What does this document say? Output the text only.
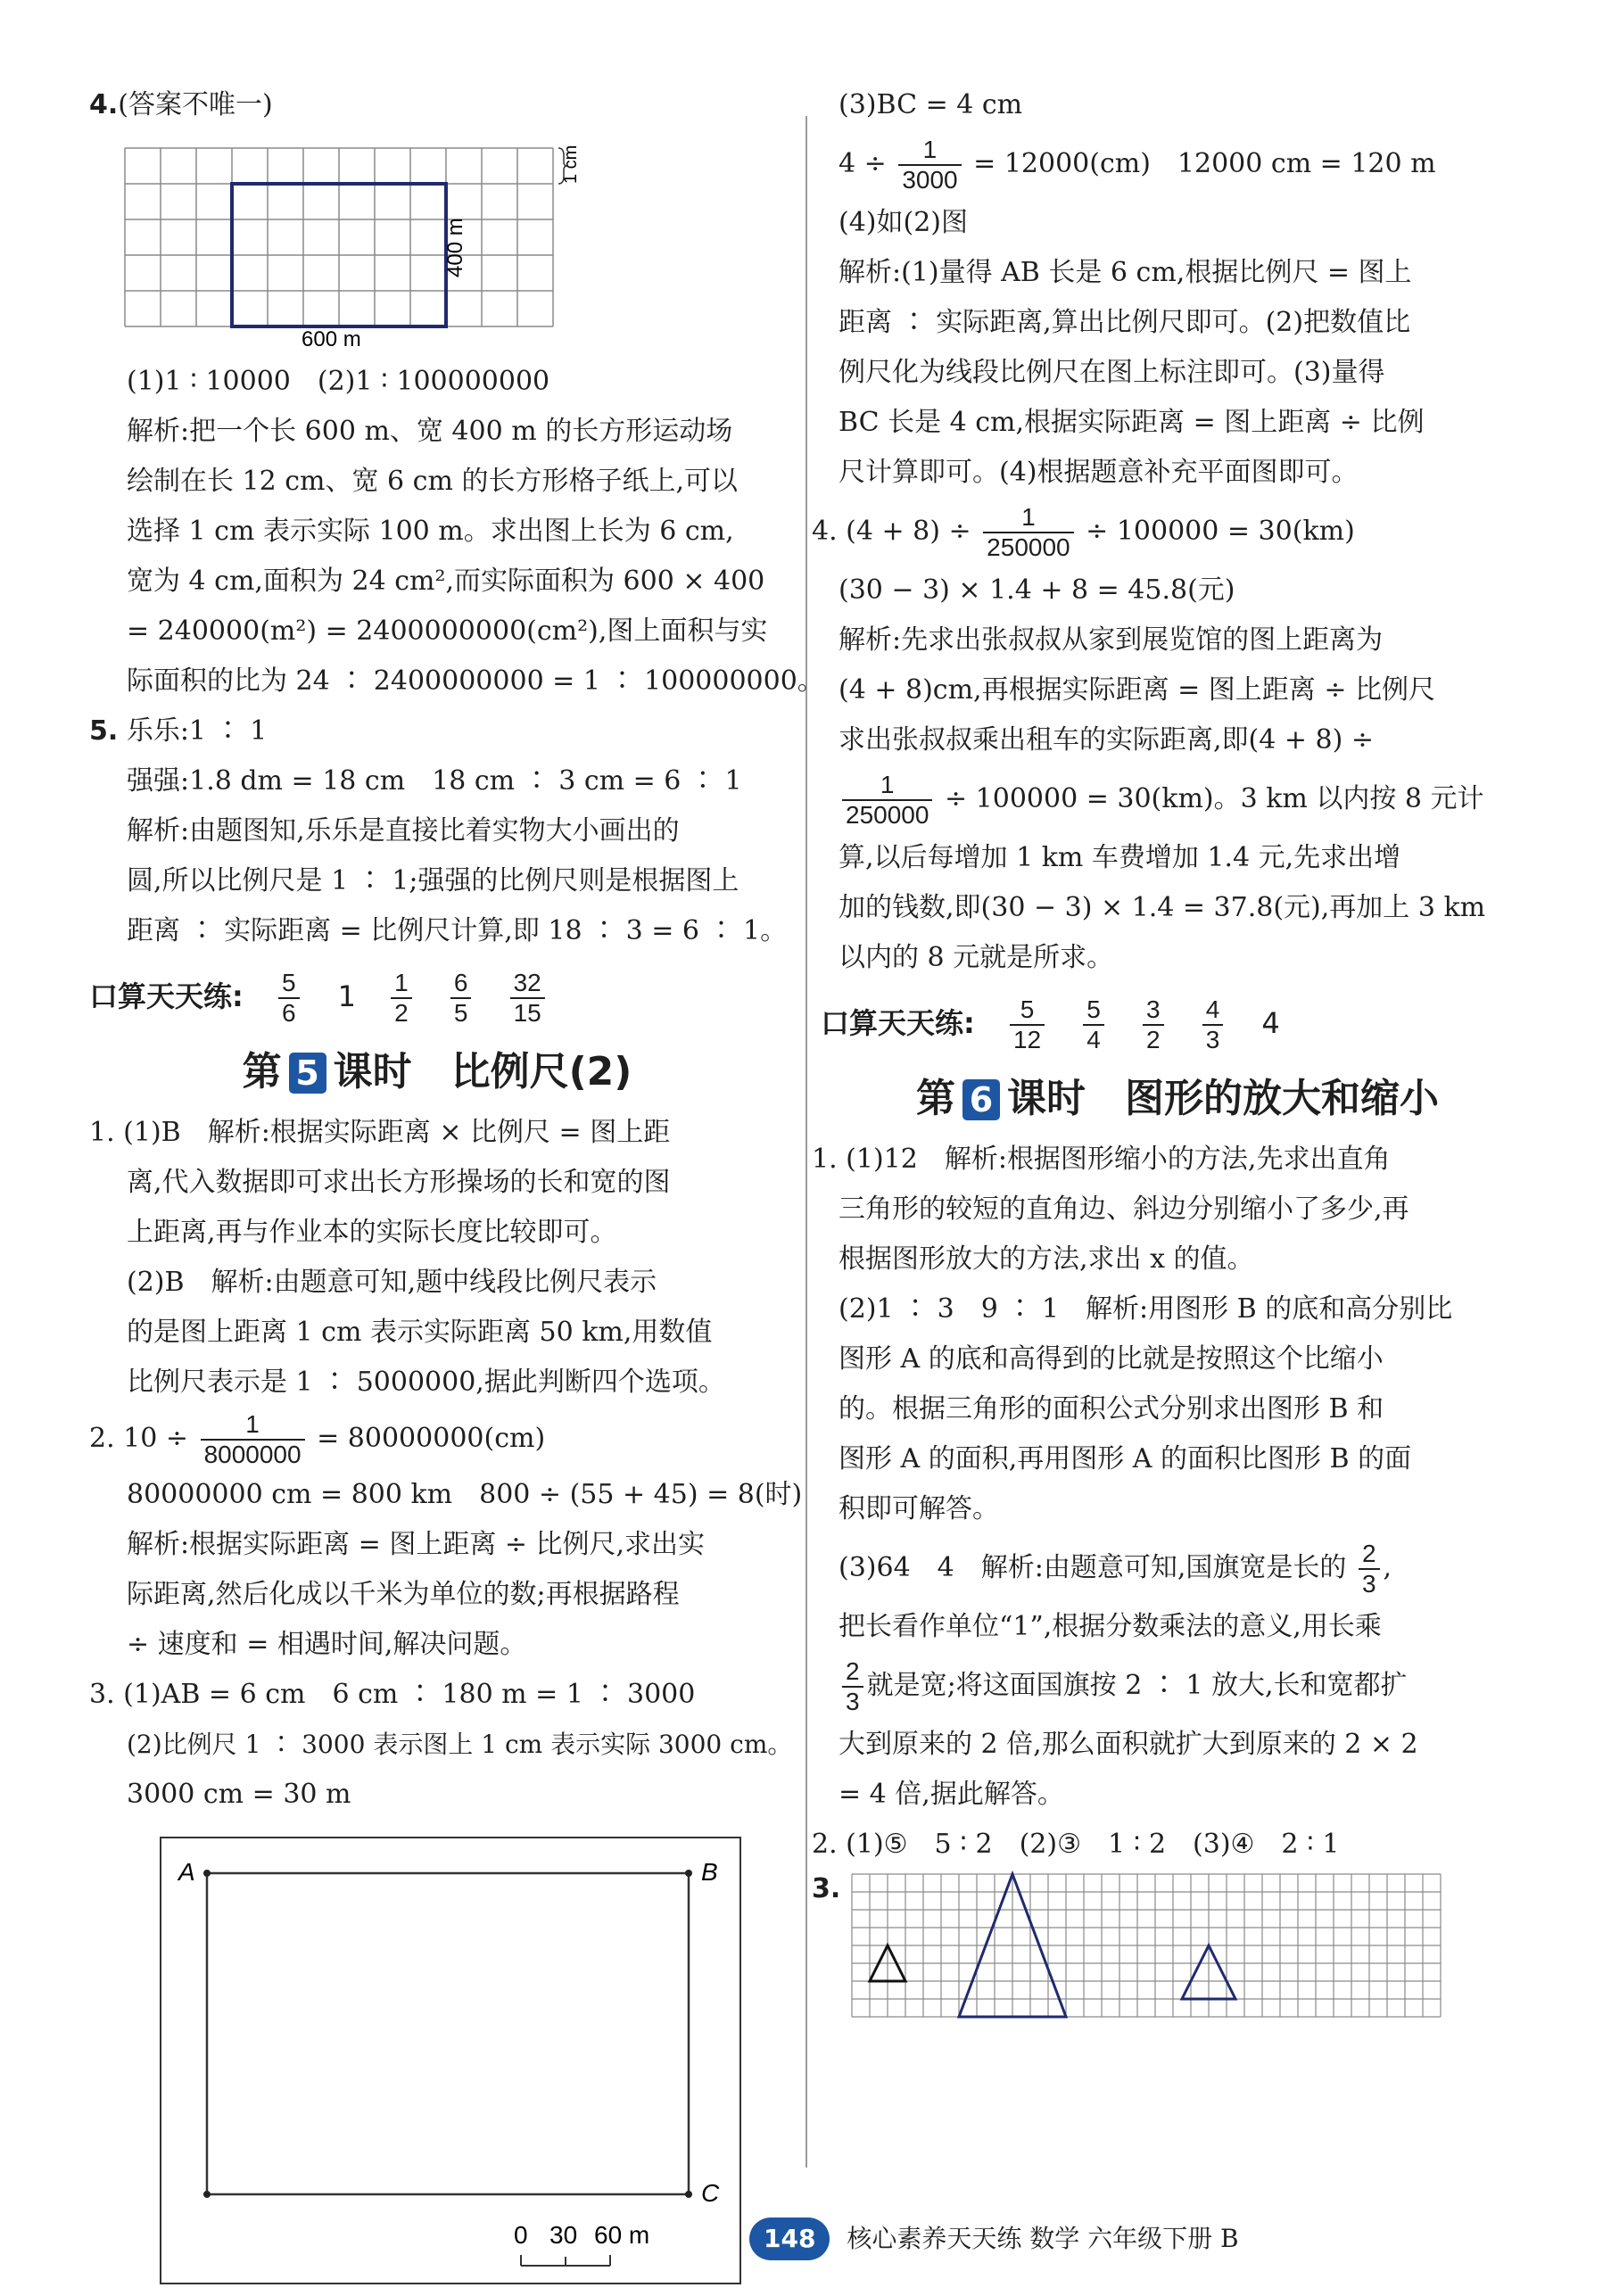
4.(答案不唯一)
600 m
400 m
1 cm
(1)1 ∶ 10000　(2)1 ∶ 100000000
解析:把一个长 600 m、宽 400 m 的长方形运动场
绘制在长 12 cm、宽 6 cm 的长方形格子纸上,可以
选择 1 cm 表示实际 100 m。求出图上长为 6 cm,
宽为 4 cm,面积为 24 cm²,而实际面积为 600 × 400
= 240000(m²) = 2400000000(cm²),图上面积与实
际面积的比为 24 ∶ 2400000000 = 1 ∶ 100000000。
5. 乐乐:1 ∶ 1
强强:1.8 dm = 18 cm　18 cm ∶ 3 cm = 6 ∶ 1
解析:由题图知,乐乐是直接比着实物大小画出的
圆,所以比例尺是 1 ∶ 1;强强的比例尺则是根据图上
距离 ∶ 实际距离 = 比例尺计算,即 18 ∶ 3 = 6 ∶ 1。
口算天天练: $\frac{5}{6} 1 \frac{1}{2}$
$\frac{6}{5}$
$\frac{32}{15}$
第 5 课时　比例尺(2)
1. (1)B　解析:根据实际距离 × 比例尺 = 图上距
离,代入数据即可求出长方形操场的长和宽的图
上距离,再与作业本的实际长度比较即可。
(2)B　解析:由题意可知,题中线段比例尺表示
的是图上距离 1 cm 表示实际距离 50 km,用数值
比例尺表示是 1 ∶ 5000000,据此判断四个选项。
2. $10 \div \frac{1}{8000000} = 80000000(cm)$
80000000 cm = 800 km　800 ÷ (55 + 45) = 8(时)
解析:根据实际距离 = 图上距离 ÷ 比例尺,求出实
际距离,然后化成以千米为单位的数;再根据路程
÷ 速度和 = 相遇时间,解决问题。
3. (1)AB = 6 cm　6 cm ∶ 180 m = 1 ∶ 3000
(2)比例尺 1 ∶ 3000 表示图上 1 cm 表示实际 3000 cm。
3000 cm = 30 m
A	B
C
0 30 60 m
(3)BC = 4 cm
$4 \div \frac{1}{3000} = 12000(cm)$　12000 cm = 120 m
(4)如(2)图
解析:(1)量得 AB 长是 6 cm,根据比例尺 = 图上
距离 ∶ 实际距离,算出比例尺即可。(2)把数值比
例尺化为线段比例尺在图上标注即可。(3)量得
BC 长是 4 cm,根据实际距离 = 图上距离 ÷ 比例
尺计算即可。(4)根据题意补充平面图即可。
4. $(4 + 8) \div \frac{1}{250000} \div 100000 = 30(km)$
(30 − 3) × 1.4 + 8 = 45.8(元)
解析:先求出张叔叔从家到展览馆的图上距离为
(4 + 8)cm,再根据实际距离 = 图上距离 ÷ 比例尺
求出张叔叔乘出租车的实际距离,即(4 + 8) ÷
$\frac{1}{250000} \div 100000 = 30(km)$。3 km 以内按 8 元计
算,以后每增加 1 km 车费增加 1.4 元,先求出增
加的钱数,即(30 − 3) × 1.4 = 37.8(元),再加上 3 km
以内的 8 元就是所求。
口算天天练: $\frac{5}{12}$
$\frac{5}{4}$
$\frac{3}{2}$
$\frac{4}{3} 4$
第 6 课时　图形的放大和缩小
1. (1)12　解析:根据图形缩小的方法,先求出直角
三角形的较短的直角边、斜边分别缩小了多少,再
根据图形放大的方法,求出 x 的值。
(2)1 ∶ 3　9 ∶ 1　解析:用图形 B 的底和高分别比
图形 A 的底和高得到的比就是按照这个比缩小
的。根据三角形的面积公式分别求出图形 B 和
图形 A 的面积,再用图形 A 的面积比图形 B 的面
积即可解答。
(3)64　4　解析:由题意可知,国旗宽是长的 $\frac{2}{3}$ ,
把长看作单位“1”,根据分数乘法的意义,用长乘
$\frac{2}{3}$ 就是宽;将这面国旗按 2 ∶ 1 放大,长和宽都扩
大到原来的 2 倍,那么面积就扩大到原来的 2 × 2
= 4 倍,据此解答。
2. (1)⑤　5 ∶ 2　(2)③　1 ∶ 2　(3)④　2 ∶ 1
3.
148 核心素养天天练 数学 六年级下册 B
